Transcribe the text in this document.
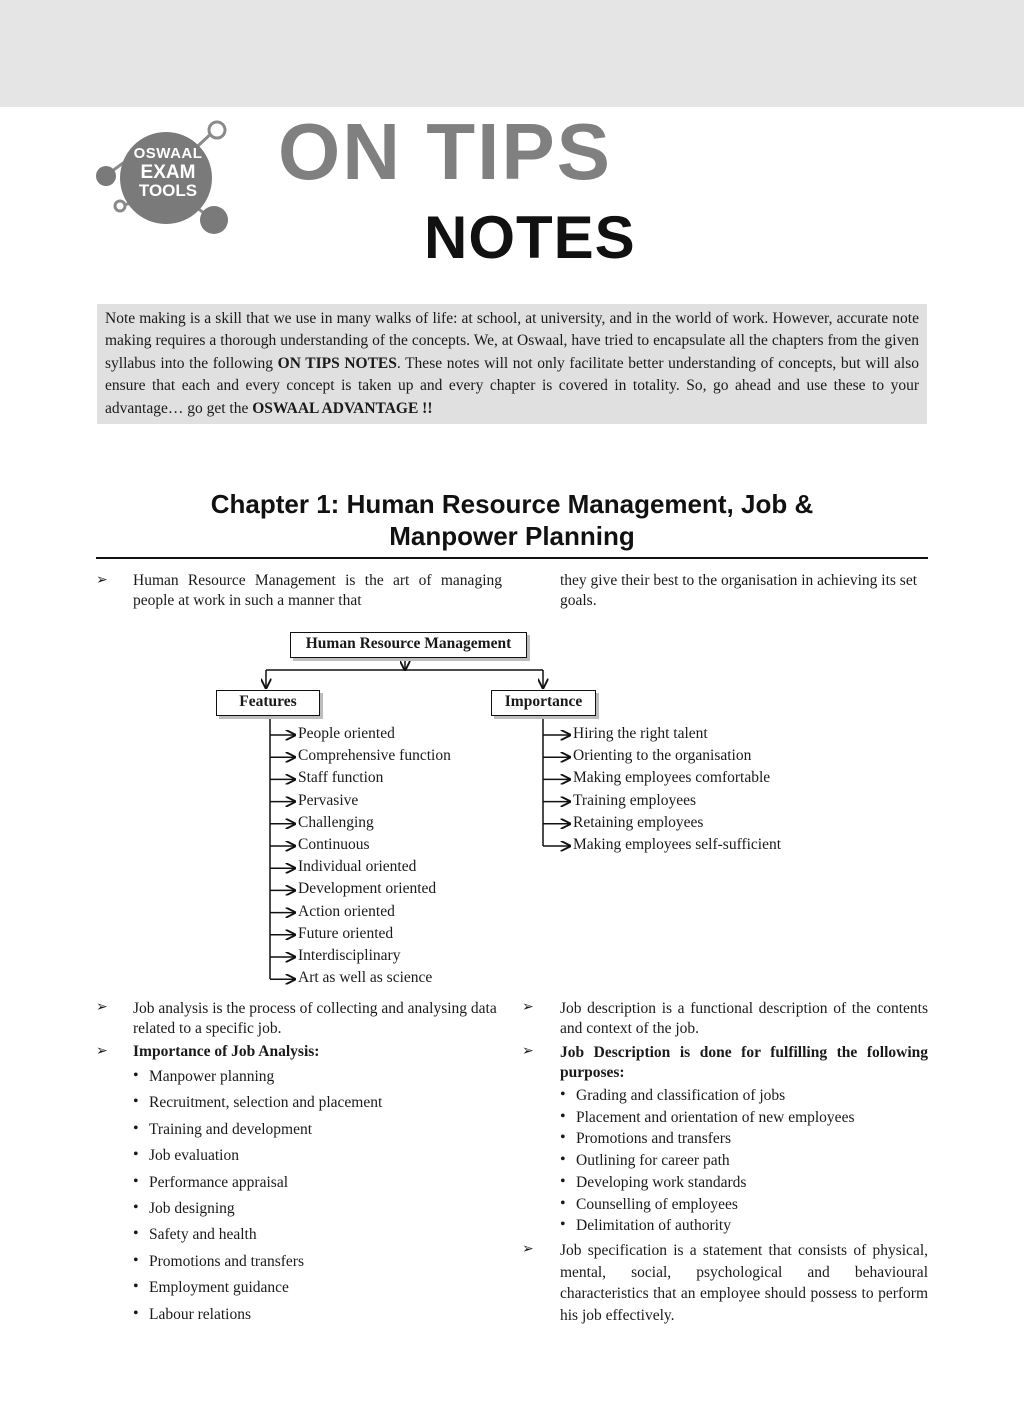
OSWAAL
EXAM
TOOLS ON TIPS
NOTES
Note making is a skill that we use in many walks of life: at school, at university, and in the world of work. However, accurate note making requires a thorough understanding of the concepts. We, at Oswaal, have tried to encapsulate all the chapters from the given syllabus into the following ON TIPS NOTES. These notes will not only facilitate better understanding of concepts, but will also ensure that each and every concept is taken up and every chapter is covered in totality. So, go ahead and use these to your advantage… go get the OSWAAL ADVANTAGE !!
Chapter 1: Human Resource Management, Job &
Manpower Planning
➢ Human Resource Management is the art of managing people at work in such a manner that
they give their best to the organisation in achieving its set goals.
Human Resource Management
Features	Importance
People oriented
Comprehensive function
Staff function
Pervasive
Challenging
Continuous
Individual oriented
Development oriented
Action oriented
Future oriented
Interdisciplinary
Art as well as science
Hiring the right talent
Orienting to the organisation
Making employees comfortable
Training employees
Retaining employees
Making employees self-sufficient
➢ Job analysis is the process of collecting and analysing data related to a specific job.
➢ Importance of Job Analysis:
• Manpower planning
• Recruitment, selection and placement
• Training and development
• Job evaluation
• Performance appraisal
• Job designing
• Safety and health
• Promotions and transfers
• Employment guidance
• Labour relations
➢ Job description is a functional description of the contents and context of the job.
➢ Job Description is done for fulfilling the following purposes:
• Grading and classification of jobs
• Placement and orientation of new employees
• Promotions and transfers
• Outlining for career path
• Developing work standards
• Counselling of employees
• Delimitation of authority
➢ Job specification is a statement that consists of physical, mental, social, psychological and behavioural characteristics that an employee should possess to perform his job effectively.
